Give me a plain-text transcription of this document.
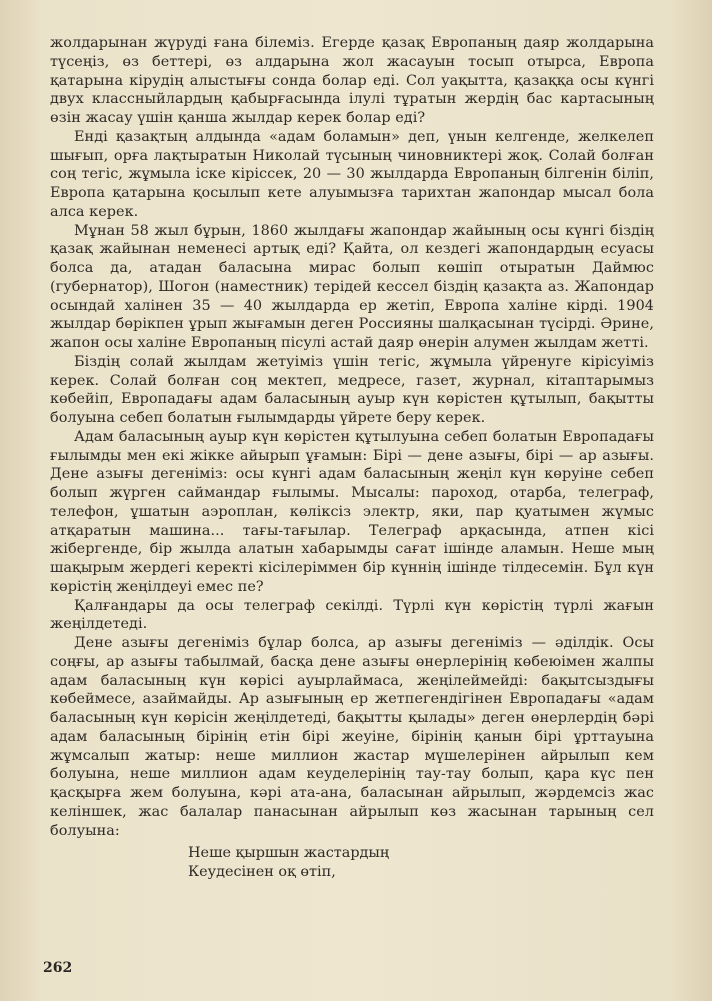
жолдарынан жүруді ғана білеміз. Егерде қазақ Европаның даяр жолдарына түсеңіз, өз беттері, өз алдарына жол жасауын тосып отырса, Европа қатарына кірудің алыстығы сонда болар еді. Сол уақытта, қазаққа осы күнгі двух классныйлардың қабырғасында ілулі тұратын жердің бас картасының өзін жасау үшін қанша жылдар керек болар еді?

Енді қазақтың алдында «адам боламын» деп, үнын келгенде, желкелеп шығып, орға лақтыратын Николай түсының чиновниктері жоқ. Солай болған соң тегіс, жұмыла іске кіріссек, 20 — 30 жылдарда Европаның білгенін біліп, Европа қатарына қосылып кете алуымызға тарихтан жапондар мысал бола алса керек.

Мұнан 58 жыл бұрын, 1860 жылдағы жапондар жайының осы күнгі біздің қазақ жайынан неменесі артық еді? Қайта, ол кездегі жапондардың есуасы болса да, атадан баласына мирас болып көшіп отыратын Даймюс (губернатор), Шогон (наместник) терідей кессел біздің қазақта аз. Жапондар осындай халінен 35 — 40 жылдарда ер жетіп, Европа халіне кірді. 1904 жылдар бөрікпен ұрып жығамын деген Россияны шалқасынан түсірді. Әрине, жапон осы халіне Европаның пісулі астай даяр өнерін алумен жылдам жетті.

Біздің солай жылдам жетуіміз үшін тегіс, жұмыла үйренуге кірісуіміз керек. Солай болған соң мектеп, медресе, газет, журнал, кітаптарымыз көбейіп, Европадағы адам баласының ауыр күн көрістен құтылып, бақытты болуына себеп болатын ғылымдарды үйрете беру керек.

Адам баласының ауыр күн көрістен құтылуына себеп болатын Европадағы ғылымды мен екі жікке айырып ұғамын: Бірі — дене азығы, бірі — ар азығы. Дене азығы дегеніміз: осы күнгі адам баласының жеңіл күн көруіне себеп болып жүрген саймандар ғылымы. Мысалы: пароход, отарба, телеграф, телефон, ұшатын аэроплан, көліксіз электр, яки, пар қуатымен жүмыс атқаратын машина... тағы-тағылар. Телеграф арқасында, атпен кісі жібергенде, бір жылда алатын хабарымды сағат ішінде аламын. Неше мың шақырым жердегі керекті кісілеріммен бір күннің ішінде тілдесемін. Бұл күн көрістің жеңілдеуі емес пе?

Қалғандары да осы телеграф секілді. Түрлі күн көрістің түрлі жағын жеңілдетеді.

Дене азығы дегеніміз бұлар болса, ар азығы дегеніміз — әділдік. Осы соңғы, ар азығы табылмай, басқа дене азығы өнерлерінің көбеюімен жалпы адам баласының күн көрісі ауырлаймаса, жеңілеймейді: бақытсыздығы көбеймесе, азаймайды. Ар азығының ер жетпегендігінен Европадағы «адам баласының күн көрісін жеңілдетеді, бақытты қылады» деген өнерлердің бәрі адам баласының бірінің етін бірі жеуіне, бірінің қанын бірі ұрттауына жұмсалып жатыр: неше миллион жастар мүшелерінен айрылып кем болуына, неше миллион адам кеуделерінің тау-тау болып, қара күс пен қасқырға жем болуына, кәрі ата-ана, баласынан айрылып, жәрдемсіз жас келіншек, жас балалар панасынан айрылып көз жасынан тарының сел болуына:

Неше қыршын жастардың

Кеудесінен оқ өтіп,

262
